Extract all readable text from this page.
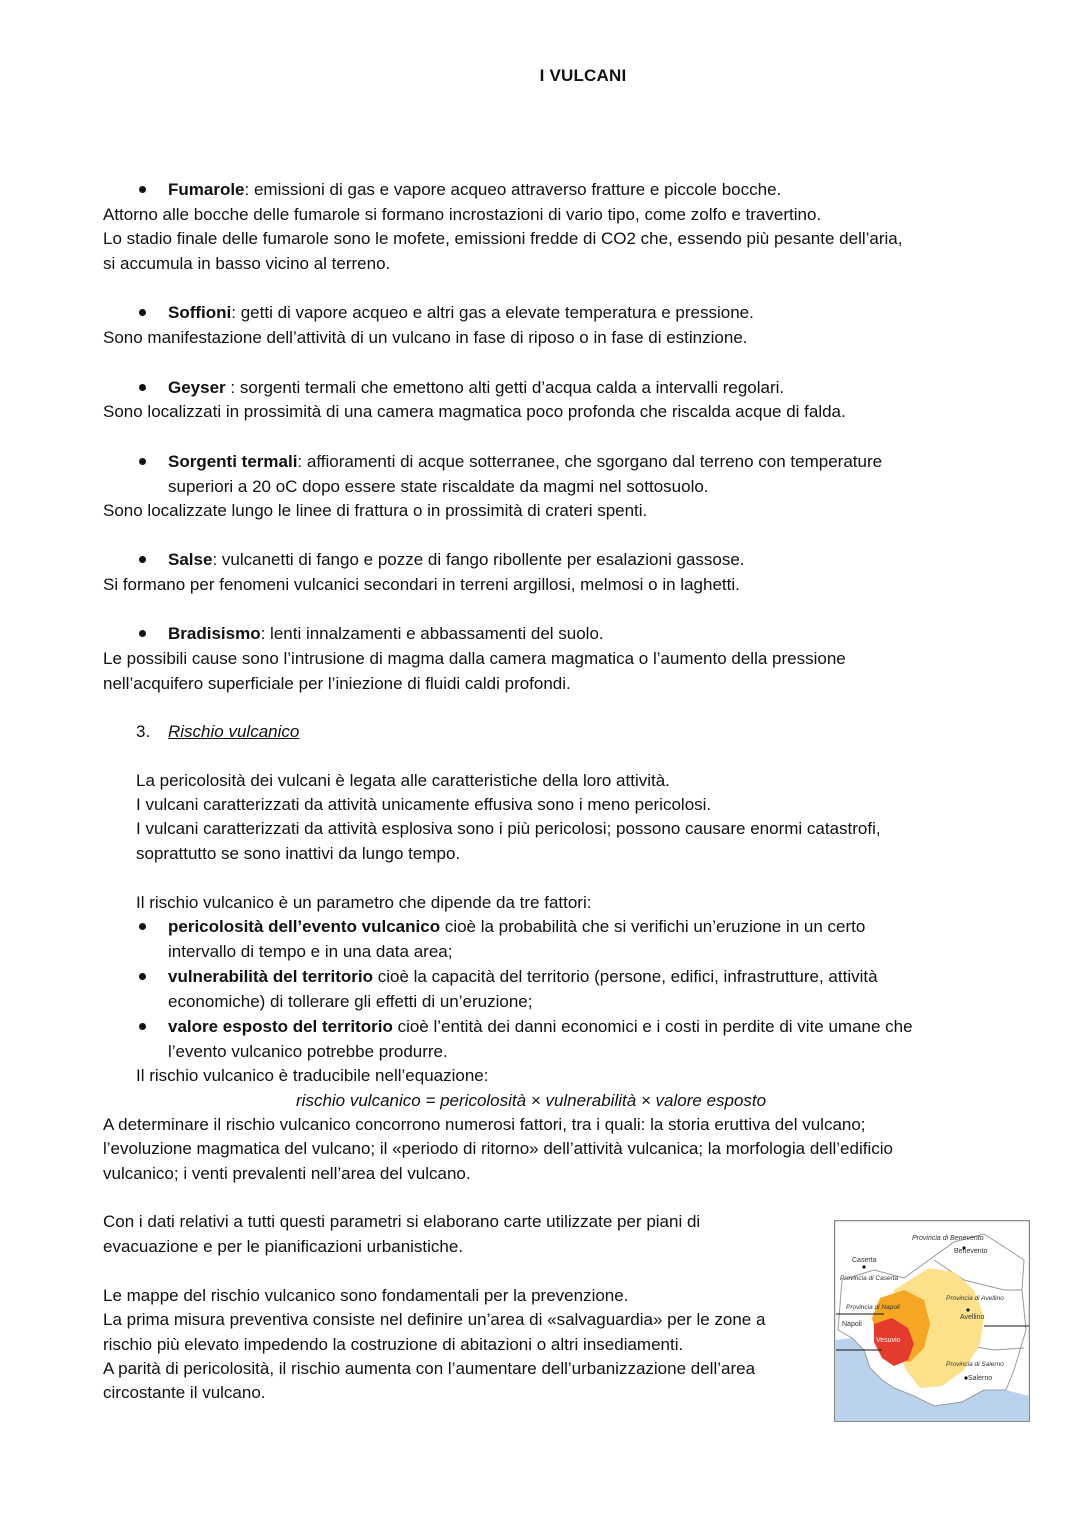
I VULCANI
Fumarole: emissioni di gas e vapore acqueo attraverso fratture e piccole bocche.
Attorno alle bocche delle fumarole si formano incrostazioni di vario tipo, come zolfo e travertino.
Lo stadio finale delle fumarole sono le mofete, emissioni fredde di CO2 che, essendo più pesante dell’aria,
si accumula in basso vicino al terreno.
Soffioni: getti di vapore acqueo e altri gas a elevate temperatura e pressione.
Sono manifestazione dell’attività di un vulcano in fase di riposo o in fase di estinzione.
Geyser : sorgenti termali che emettono alti getti d’acqua calda a intervalli regolari.
Sono localizzati in prossimità di una camera magmatica poco profonda che riscalda acque di falda.
Sorgenti termali: affioramenti di acque sotterranee, che sgorgano dal terreno con temperature
superiori a 20 oC dopo essere state riscaldate da magmi nel sottosuolo.
Sono localizzate lungo le linee di frattura o in prossimità di crateri spenti.
Salse: vulcanetti di fango e pozze di fango ribollente per esalazioni gassose.
Si formano per fenomeni vulcanici secondari in terreni argillosi, melmosi o in laghetti.
Bradisismo: lenti innalzamenti e abbassamenti del suolo.
Le possibili cause sono l’intrusione di magma dalla camera magmatica o l’aumento della pressione
nell’acquifero superficiale per l’iniezione di fluidi caldi profondi.
3. Rischio vulcanico
La pericolosità dei vulcani è legata alle caratteristiche della loro attività.
I vulcani caratterizzati da attività unicamente effusiva sono i meno pericolosi.
I vulcani caratterizzati da attività esplosiva sono i più pericolosi; possono causare enormi catastrofi,
soprattutto se sono inattivi da lungo tempo.
Il rischio vulcanico è un parametro che dipende da tre fattori:
pericolosità dell’evento vulcanico cioè la probabilità che si verifichi un’eruzione in un certo
intervallo di tempo e in una data area;
vulnerabilità del territorio cioè la capacità del territorio (persone, edifici, infrastrutture, attività
economiche) di tollerare gli effetti di un’eruzione;
valore esposto del territorio cioè l’entità dei danni economici e i costi in perdite di vite umane che
l’evento vulcanico potrebbe produrre.
Il rischio vulcanico è traducibile nell’equazione:
rischio vulcanico = pericolosità × vulnerabilità × valore esposto
A determinare il rischio vulcanico concorrono numerosi fattori, tra i quali: la storia eruttiva del vulcano;
l’evoluzione magmatica del vulcano; il «periodo di ritorno» dell’attività vulcanica; la morfologia dell’edificio
vulcanico; i venti prevalenti nell’area del vulcano.
Con i dati relativi a tutti questi parametri si elaborano carte utilizzate per piani di
evacuazione e per le pianificazioni urbanistiche.
Le mappe del rischio vulcanico sono fondamentali per la prevenzione.
La prima misura preventiva consiste nel definire un’area di «salvaguardia» per le zone a
rischio più elevato impedendo la costruzione di abitazioni o altri insediamenti.
A parità di pericolosità, il rischio aumenta con l’aumentare dell’urbanizzazione dell’area
circostante il vulcano.
Provincia di Benevento
Benevento
Caserta
Provincia di Caserta
Provincia di Napoli
Napoli
Vesuvio
Provincia di Avellino
Avellino
Provincia di Salerno
Salerno
